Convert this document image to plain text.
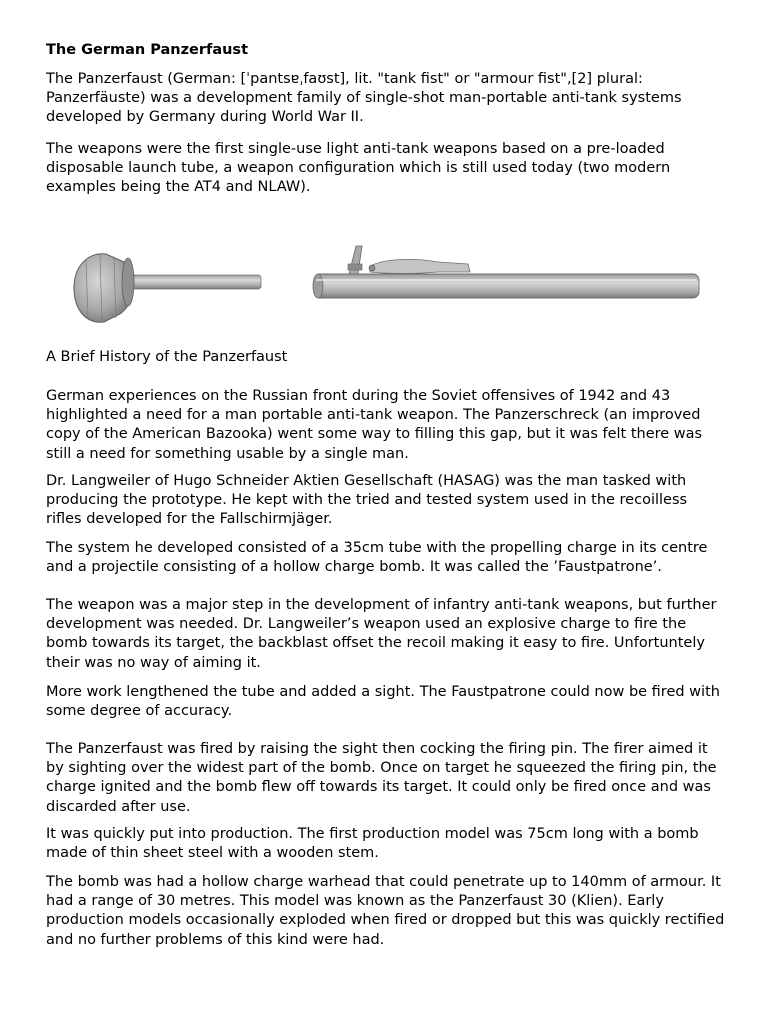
The German Panzerfaust

The Panzerfaust (German: [ˈpantsɐˌfaʊst], lit. "tank fist" or "armour fist",[2] plural: Panzerfäuste) was a development family of single-shot man-portable anti-tank systems developed by Germany during World War II.

The weapons were the first single-use light anti-tank weapons based on a pre-loaded disposable launch tube, a weapon configuration which is still used today (two modern examples being the AT4 and NLAW).

A Brief History of the Panzerfaust

German experiences on the Russian front during the Soviet offensives of 1942 and 43 highlighted a need for a man portable anti-tank weapon. The Panzerschreck (an improved copy of the American Bazooka) went some way to filling this gap, but it was felt there was still a need for something usable by a single man.

Dr. Langweiler of Hugo Schneider Aktien Gesellschaft (HASAG) was the man tasked with producing the prototype. He kept with the tried and tested system used in the recoilless rifles developed for the Fallschirmjäger.

The system he developed consisted of a 35cm tube with the propelling charge in its centre and a projectile consisting of a hollow charge bomb. It was called the ’Faustpatrone’.

The weapon was a major step in the development of infantry anti-tank weapons, but further development was needed. Dr. Langweiler’s weapon used an explosive charge to fire the bomb towards its target, the backblast offset the recoil making it easy to fire. Unfortuntely their was no way of aiming it.

More work lengthened the tube and added a sight. The Faustpatrone could now be fired with some degree of accuracy.

The Panzerfaust was fired by raising the sight then cocking the firing pin. The firer aimed it by sighting over the widest part of the bomb. Once on target he squeezed the firing pin, the charge ignited and the bomb flew off towards its target. It could only be fired once and was discarded after use.

It was quickly put into production. The first production model was 75cm long with a bomb made of thin sheet steel with a wooden stem.

The bomb was had a hollow charge warhead that could penetrate up to 140mm of armour. It had a range of 30 metres. This model was known as the Panzerfaust 30 (Klien). Early production models occasionally exploded when fired or dropped but this was quickly rectified and no further problems of this kind were had.
